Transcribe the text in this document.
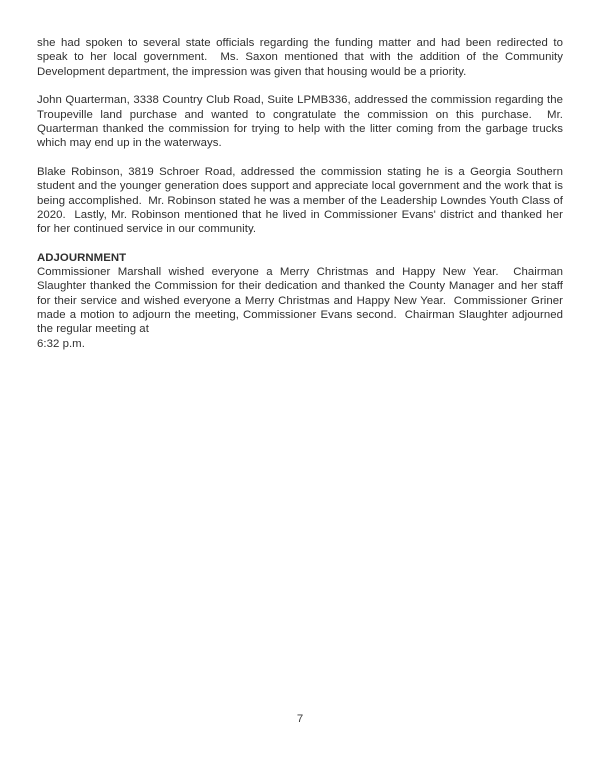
she had spoken to several state officials regarding the funding matter and had been redirected to speak to her local government.  Ms. Saxon mentioned that with the addition of the Community Development department, the impression was given that housing would be a priority.

John Quarterman, 3338 Country Club Road, Suite LPMB336, addressed the commission regarding the Troupeville land purchase and wanted to congratulate the commission on this purchase.  Mr. Quarterman thanked the commission for trying to help with the litter coming from the garbage trucks which may end up in the waterways.

Blake Robinson, 3819 Schroer Road, addressed the commission stating he is a Georgia Southern student and the younger generation does support and appreciate local government and the work that is being accomplished.  Mr. Robinson stated he was a member of the Leadership Lowndes Youth Class of 2020.  Lastly, Mr. Robinson mentioned that he lived in Commissioner Evans' district and thanked her for her continued service in our community.

ADJOURNMENT

Commissioner Marshall wished everyone a Merry Christmas and Happy New Year.  Chairman Slaughter thanked the Commission for their dedication and thanked the County Manager and her staff for their service and wished everyone a Merry Christmas and Happy New Year.  Commissioner Griner made a motion to adjourn the meeting, Commissioner Evans second.  Chairman Slaughter adjourned the regular meeting at

6:32 p.m.

7
